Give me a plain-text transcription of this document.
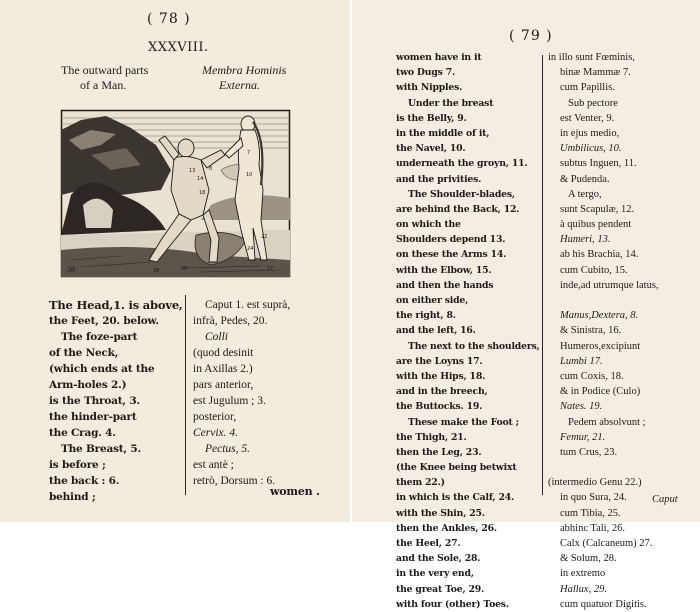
( 78 )
XXXVIII.
The outward parts
of a Man.
Membra Hominis
Externa.
13
14
8
18
7
10
22
24
27
28	26
38
The Head,1. is above,
the Feet, 20. below.
The foze-part
of the Neck,
(which ends at the
Arm-holes 2.)
is the Throat, 3.
the hinder-part
the Crag. 4.
The Breast, 5.
is before ;
the back : 6.
behind ;
Caput 1. est suprà,
infrà, Pedes, 20.
Colli
(quod desinit
in Axillas 2.)
pars anterior,
est Jugulum ; 3.
posterior,
Cervix. 4.
Pectus, 5.
est antè ;
retrò, Dorsum : 6.
women .
( 79 )
women have in it
two Dugs 7.
with Nipples.
Under the breast
is the Belly, 9.
in the middle of it,
the Navel, 10.
underneath the groyn, 11.
and the privities.
The Shoulder-blades,
are behind the Back, 12.
on which the
Shoulders depend 13.
on these the Arms 14.
with the Elbow, 15.
and then the hands
on either side,
the right, 8.
and the left, 16.
The next to the shoulders,
are the Loyns 17.
with the Hips, 18.
and in the breech,
the Buttocks. 19.
These make the Foot ;
the Thigh, 21.
then the Leg, 23.
(the Knee being betwixt
them 22.)
in which is the Calf, 24.
with the Shin, 25.
then the Ankles, 26.
the Heel, 27.
and the Sole, 28.
in the very end,
the great Toe, 29.
with four (other) Toes.
in illo sunt Fœminis,
binæ Mammæ 7.
cum Papillis.
Sub pectore
est Venter, 9.
in ejus medio,
Umbilicus, 10.
subtus Inguen, 11.
& Pudenda.
A tergo,
sunt Scapulæ, 12.
à quibus pendent
Humeri, 13.
ab his Brachia, 14.
cum Cubito, 15.
inde,ad utrumque latus,
Manus,Dextera, 8.
& Sinistra, 16.
Humeros,excipiunt
Lumbi 17.
cum Coxis, 18.
& in Podice (Culo)
Nates. 19.
Pedem absolvunt ;
Femur, 21.
tum Crus, 23.
(intermedio Genu 22.)
in quo Sura, 24.
cum Tibia, 25.
abhinc Tali, 26.
Calx (Calcaneum) 27.
& Solum, 28.
in extremo
Hallux, 29.
cum quatuor Digitis.
Caput
